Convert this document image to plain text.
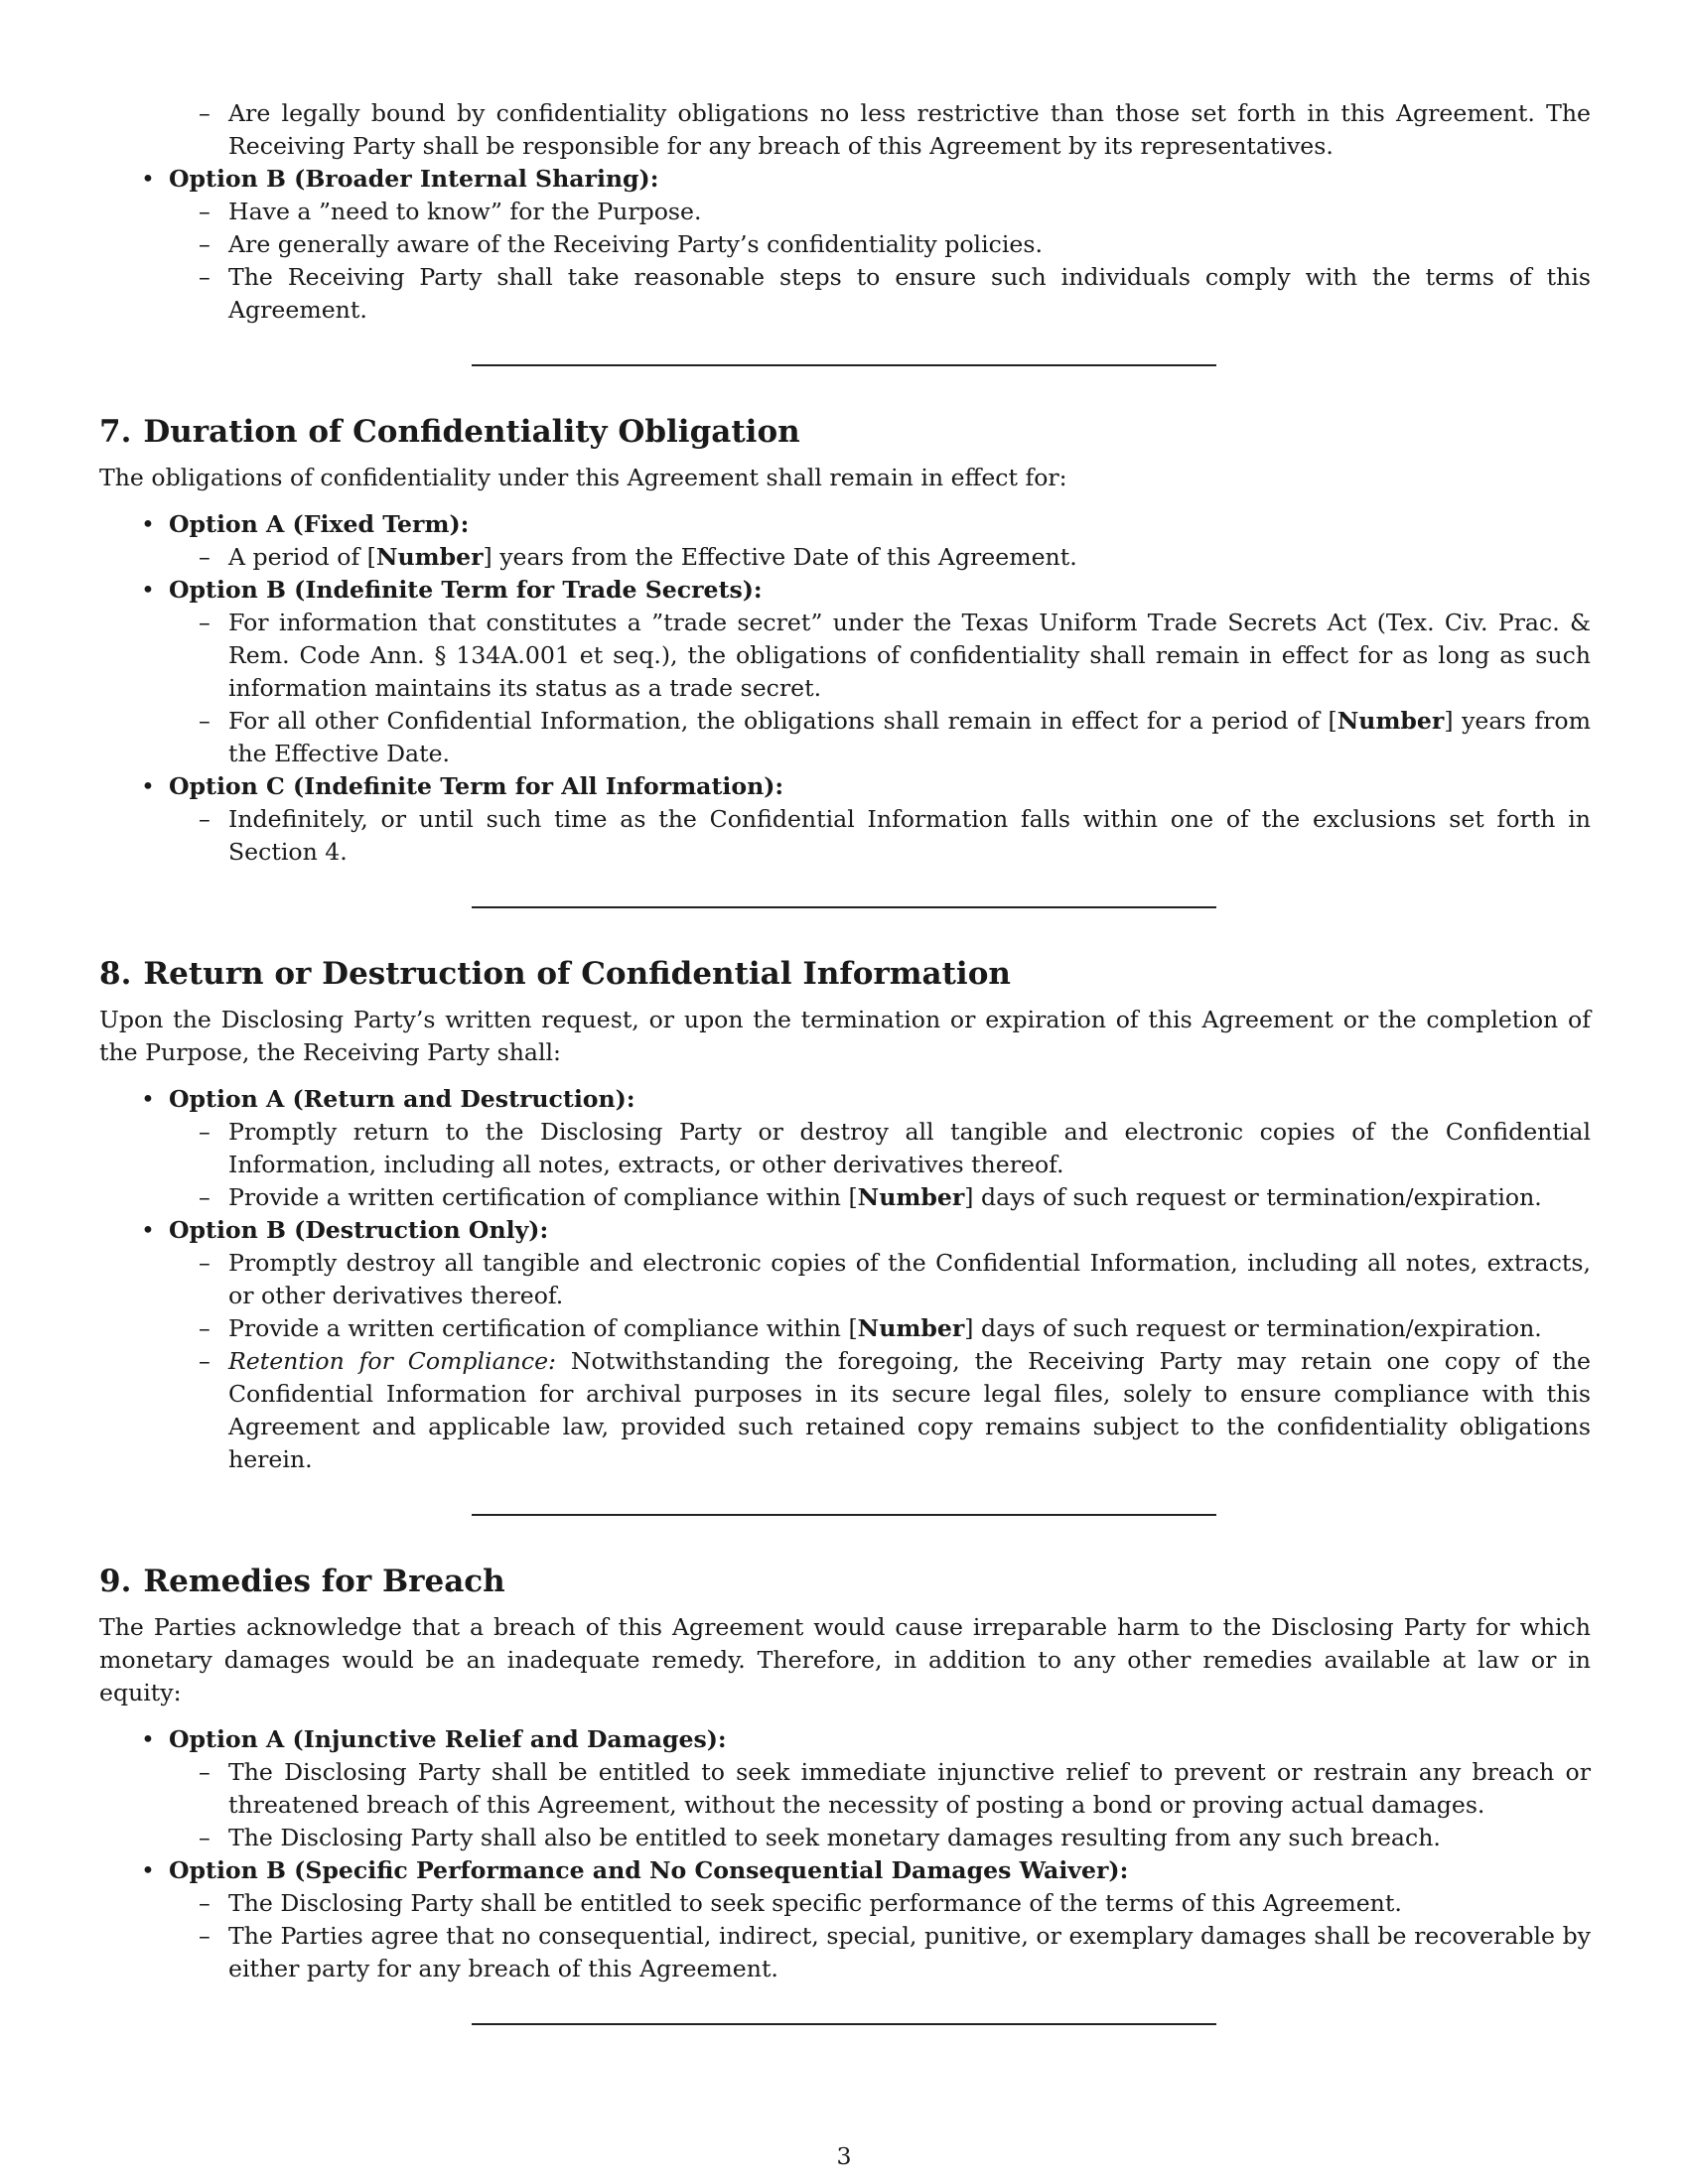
– Are legally bound by confidentiality obligations no less restrictive than those set forth in this Agreement. The Receiving Party shall be responsible for any breach of this Agreement by its representatives.
• Option B (Broader Internal Sharing):
– Have a ”need to know” for the Purpose.
– Are generally aware of the Receiving Party’s confidentiality policies.
– The Receiving Party shall take reasonable steps to ensure such individuals comply with the terms of this Agreement.
7. Duration of Confidentiality Obligation

The obligations of confidentiality under this Agreement shall remain in effect for:

• Option A (Fixed Term):
– A period of [Number] years from the Effective Date of this Agreement.
• Option B (Indefinite Term for Trade Secrets):
– For information that constitutes a ”trade secret” under the Texas Uniform Trade Secrets Act (Tex. Civ. Prac. & Rem. Code Ann. § 134A.001 et seq.), the obligations of confidentiality shall remain in effect for as long as such information maintains its status as a trade secret.
– For all other Confidential Information, the obligations shall remain in effect for a period of [Number] years from the Effective Date.
• Option C (Indefinite Term for All Information):
– Indefinitely, or until such time as the Confidential Information falls within one of the exclusions set forth in Section 4.
8. Return or Destruction of Confidential Information

Upon the Disclosing Party’s written request, or upon the termination or expiration of this Agreement or the completion of the Purpose, the Receiving Party shall:

• Option A (Return and Destruction):
– Promptly return to the Disclosing Party or destroy all tangible and electronic copies of the Confidential Information, including all notes, extracts, or other derivatives thereof.
– Provide a written certification of compliance within [Number] days of such request or termination/expiration.
• Option B (Destruction Only):
– Promptly destroy all tangible and electronic copies of the Confidential Information, including all notes, extracts, or other derivatives thereof.
– Provide a written certification of compliance within [Number] days of such request or termination/expiration.
– Retention for Compliance: Notwithstanding the foregoing, the Receiving Party may retain one copy of the Confidential Information for archival purposes in its secure legal files, solely to ensure compliance with this Agreement and applicable law, provided such retained copy remains subject to the confidentiality obligations herein.
9. Remedies for Breach

The Parties acknowledge that a breach of this Agreement would cause irreparable harm to the Disclosing Party for which monetary damages would be an inadequate remedy. Therefore, in addition to any other remedies available at law or in equity:

• Option A (Injunctive Relief and Damages):
– The Disclosing Party shall be entitled to seek immediate injunctive relief to prevent or restrain any breach or threatened breach of this Agreement, without the necessity of posting a bond or proving actual damages.
– The Disclosing Party shall also be entitled to seek monetary damages resulting from any such breach.
• Option B (Specific Performance and No Consequential Damages Waiver):
– The Disclosing Party shall be entitled to seek specific performance of the terms of this Agreement.
– The Parties agree that no consequential, indirect, special, punitive, or exemplary damages shall be recoverable by either party for any breach of this Agreement.
3
